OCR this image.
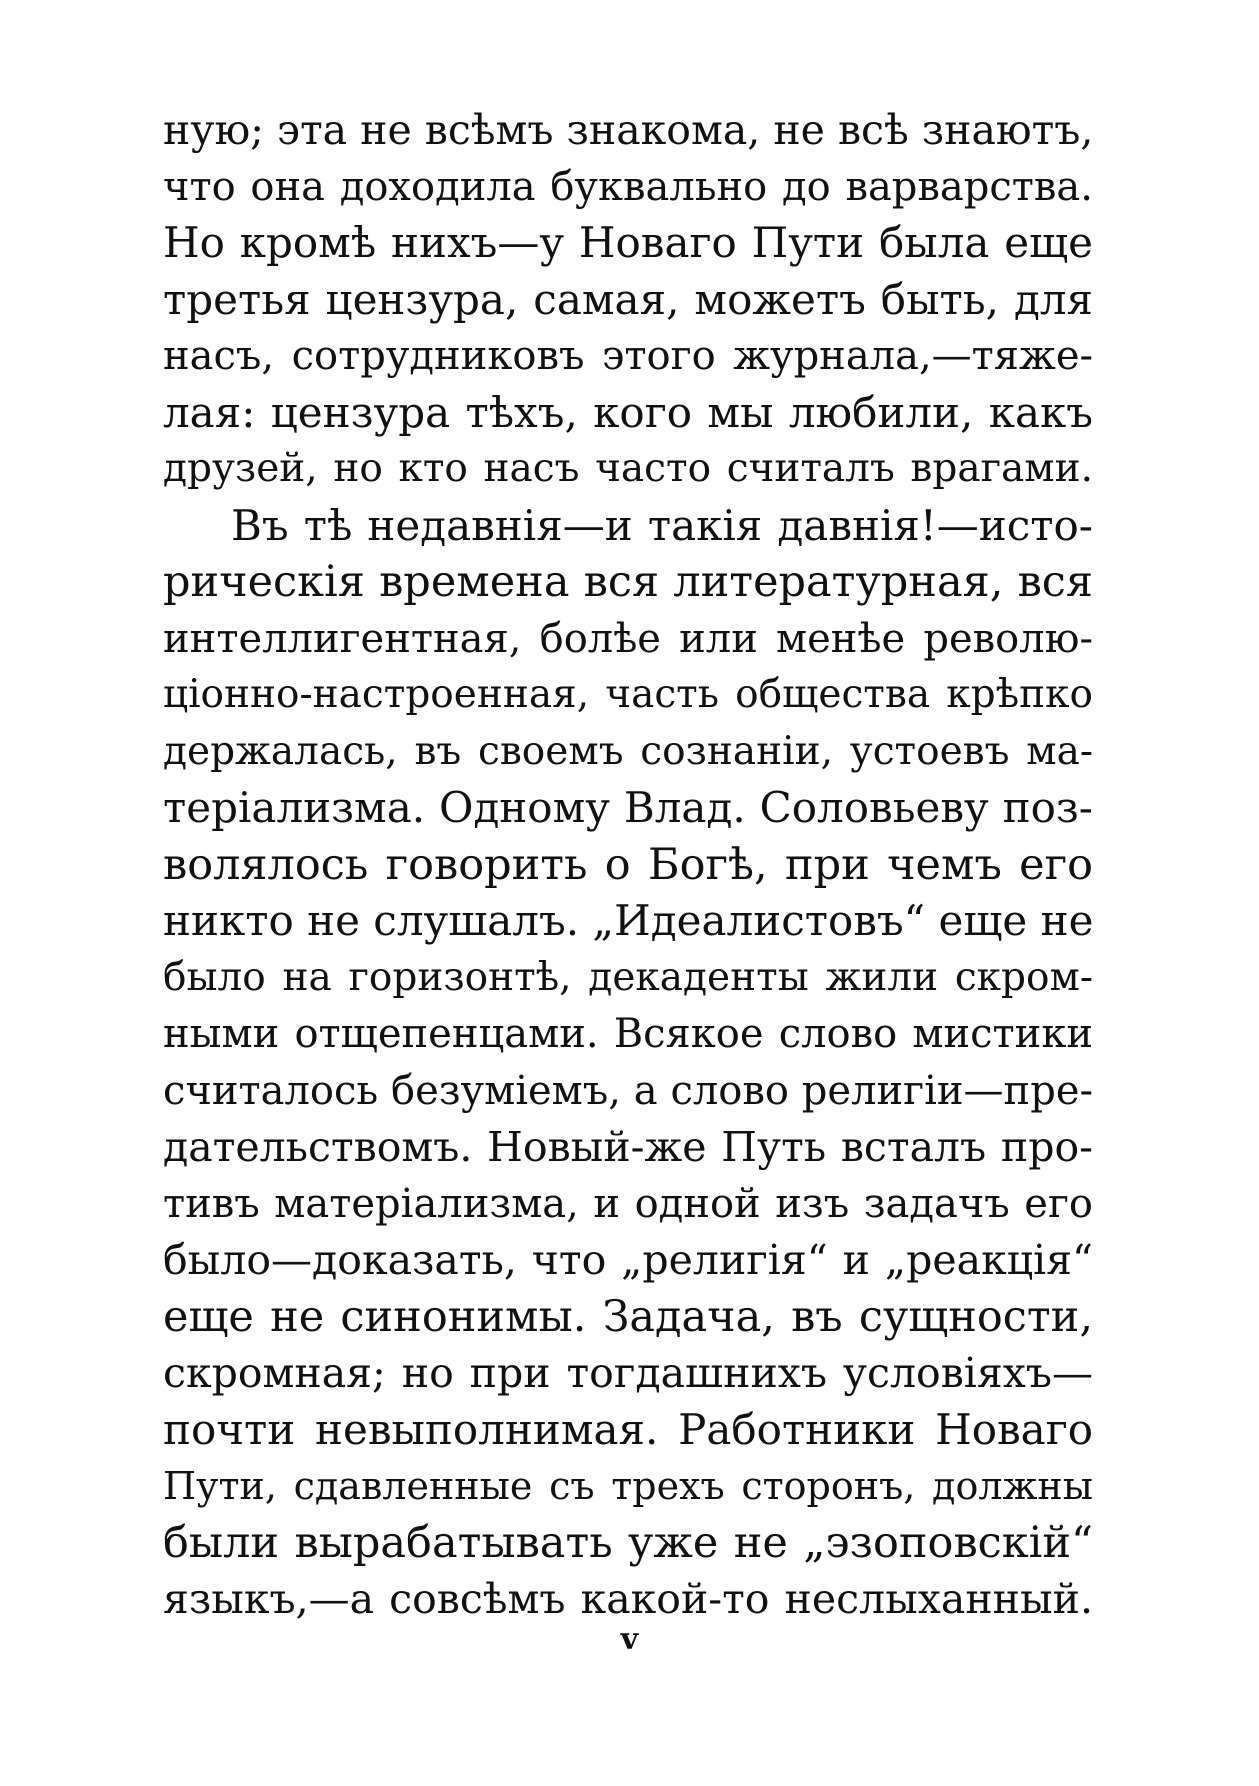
ную; эта не всѣмъ знакома, не всѣ знаютъ,
что она доходила буквально до варварства.
Но кромѣ нихъ—у Новаго Пути была еще
третья цензура, самая, можетъ быть, для
насъ, сотрудниковъ этого журнала,—тяже-
лая: цензура тѣхъ, кого мы любили, какъ
друзей, но кто насъ часто считалъ врагами.
Въ тѣ недавнія—и такія давнія!—исто-
рическія времена вся литературная, вся
интеллигентная, болѣе или менѣе револю-
ціонно-настроенная, часть общества крѣпко
держалась, въ своемъ сознаніи, устоевъ ма-
теріализма. Одному Влад. Соловьеву поз-
волялось говорить о Богѣ, при чемъ его
никто не слушалъ. „Идеалистовъ“ еще не
было на горизонтѣ, декаденты жили скром-
ными отщепенцами. Всякое слово мистики
считалось безуміемъ, а слово религіи—пре-
дательствомъ. Новый-же Путь всталъ про-
тивъ матеріализма, и одной изъ задачъ его
было—доказать, что „религія“ и „реакція“
еще не синонимы. Задача, въ сущности,
скромная; но при тогдашнихъ условіяхъ—
почти невыполнимая. Работники Новаго
Пути, сдавленные съ трехъ сторонъ, должны
были вырабатывать уже не „эзоповскій“
языкъ,—а совсѣмъ какой-то неслыханный.
v
